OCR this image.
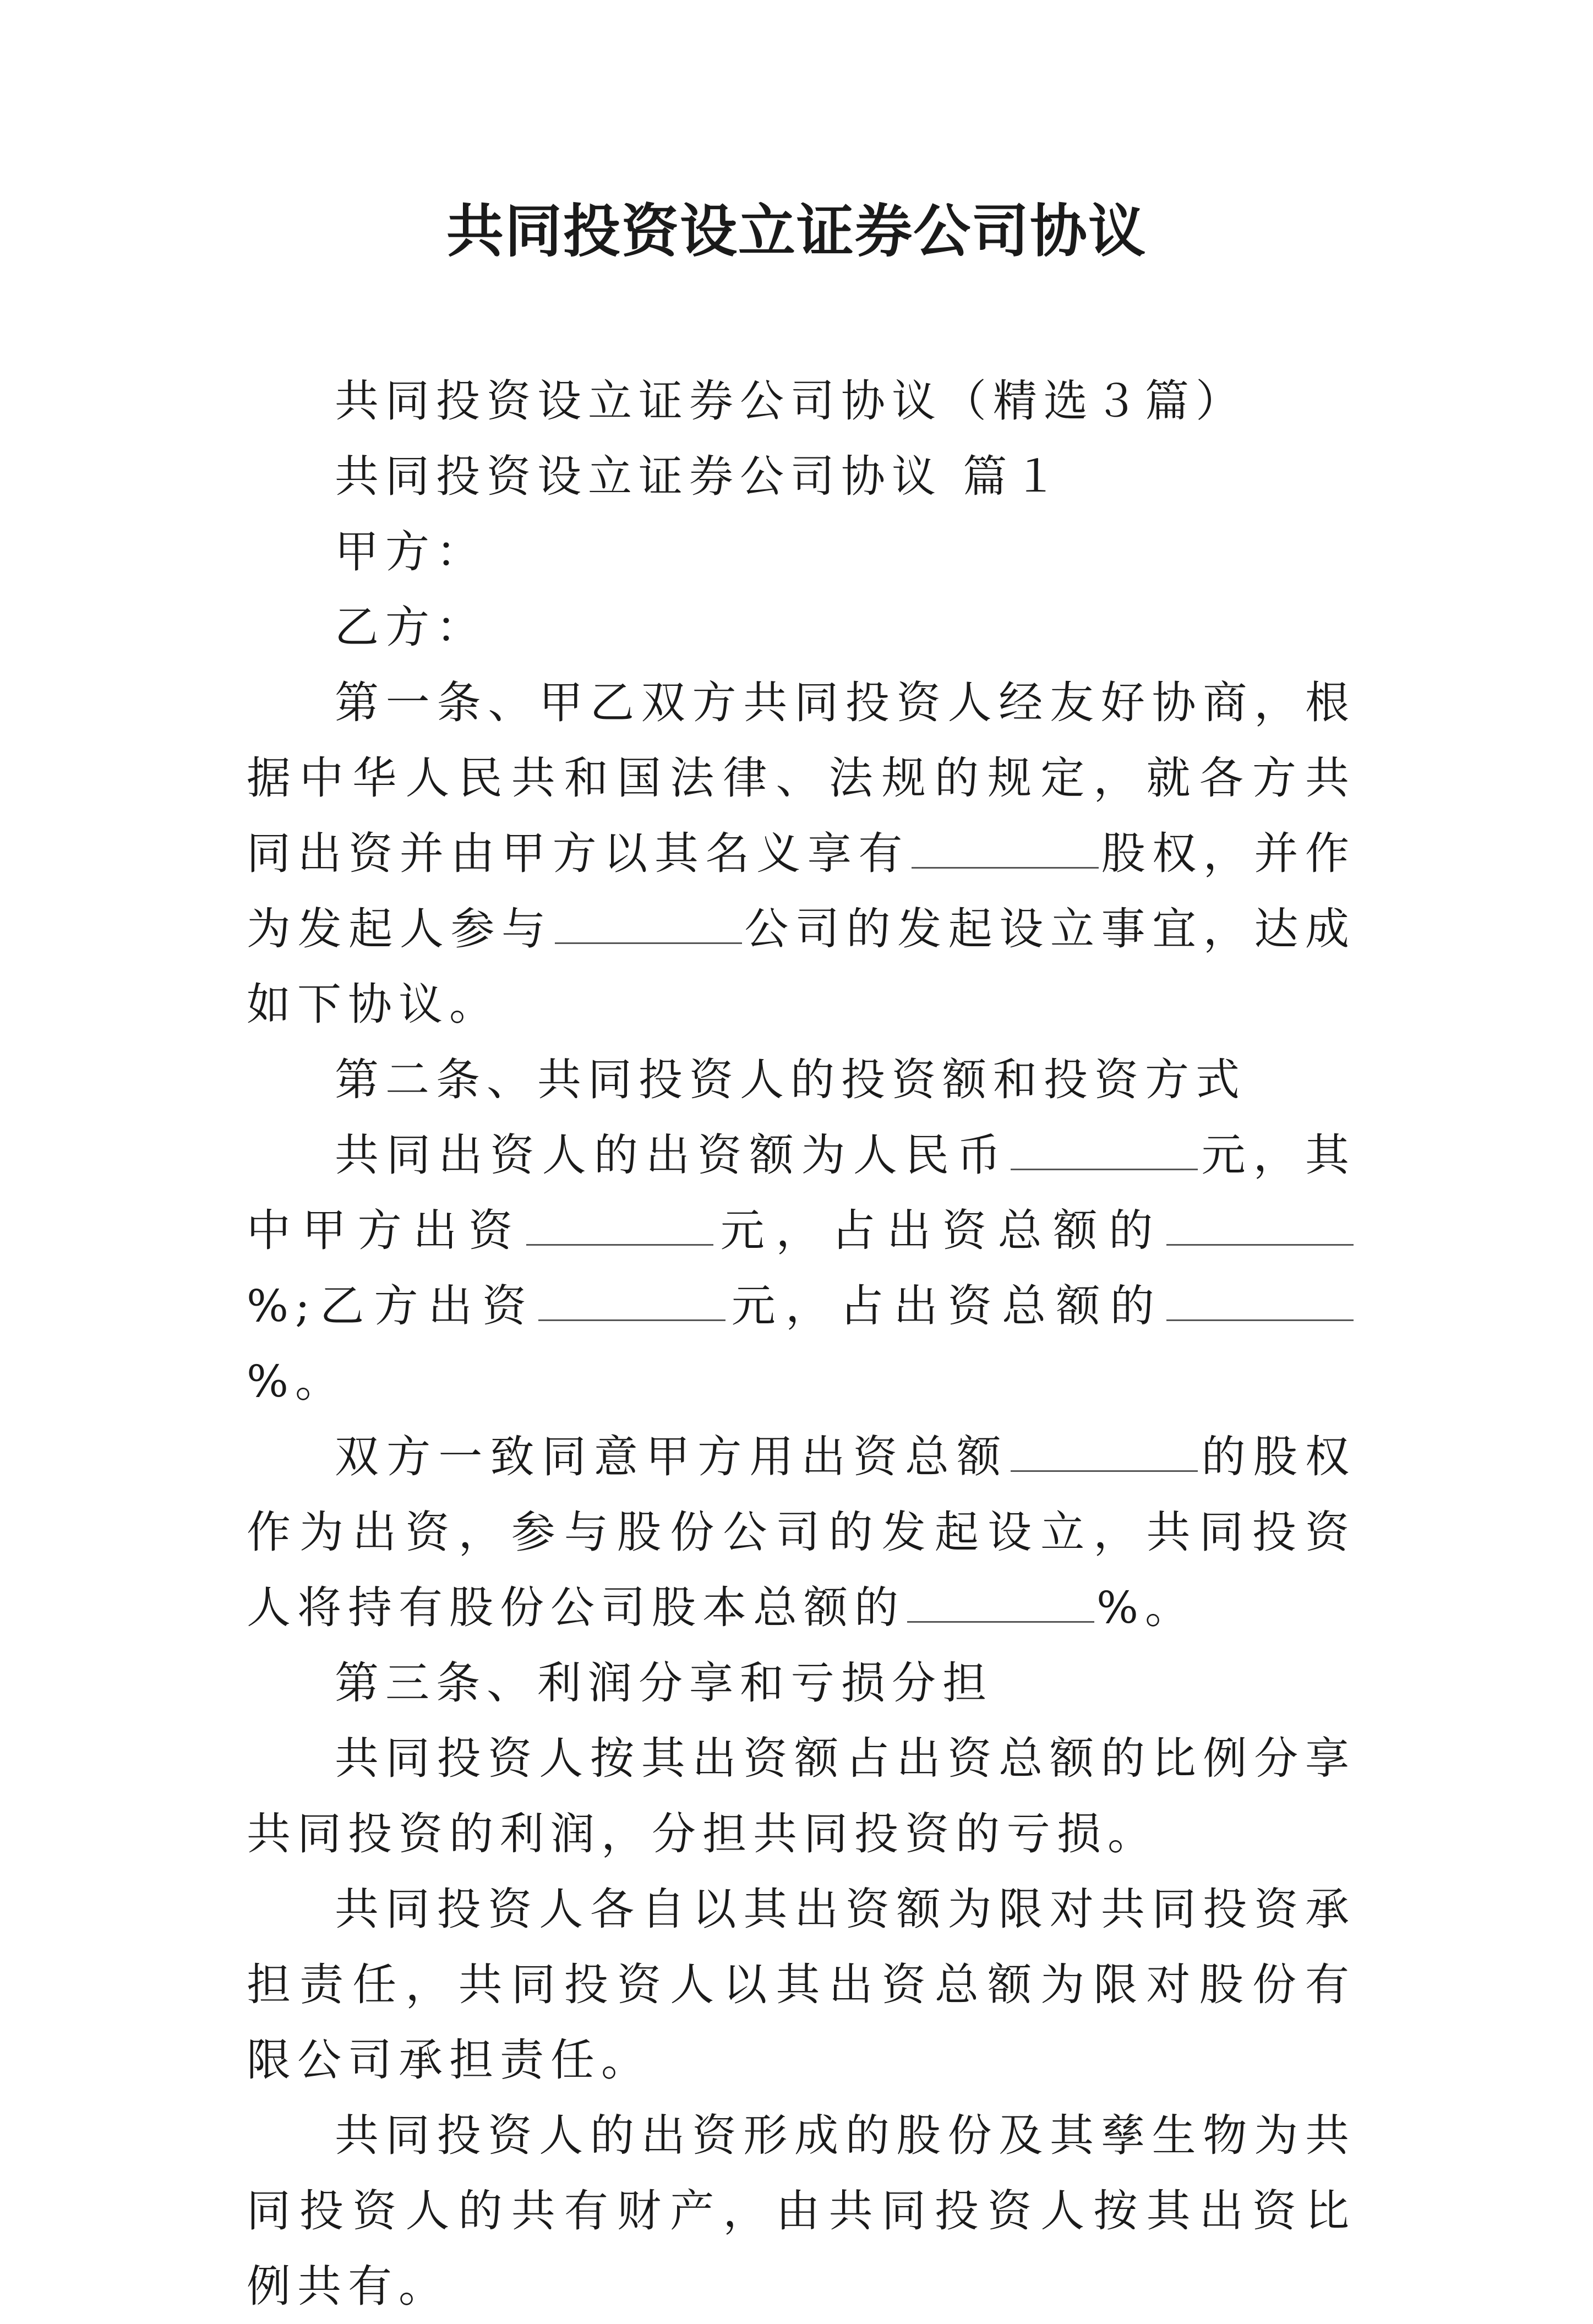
共同投资设立证券公司协议

共同投资设立证券公司协议（精选３篇）

共同投资设立证券公司协议 篇１

甲方：

乙方：

第一条、甲乙双方共同投资人经友好协商，根据中华人民共和国法律、法规的规定，就各方共同出资并由甲方以其名义享有	股权，并作为发起人参与	公司的发起设立事宜，达成如下协议。

第二条、共同投资人的投资额和投资方式

共同出资人的出资额为人民币	元，其中甲方出资	元，占出资总额的%;乙方出资	元，占出资总额的%。

双方一致同意甲方用出资总额	的股权作为出资，参与股份公司的发起设立，共同投资人将持有股份公司股本总额的	%。

第三条、利润分享和亏损分担

共同投资人按其出资额占出资总额的比例分享共同投资的利润，分担共同投资的亏损。

共同投资人各自以其出资额为限对共同投资承担责任，共同投资人以其出资总额为限对股份有限公司承担责任。

共同投资人的出资形成的股份及其孳生物为共同投资人的共有财产，由共同投资人按其出资比例共有。
